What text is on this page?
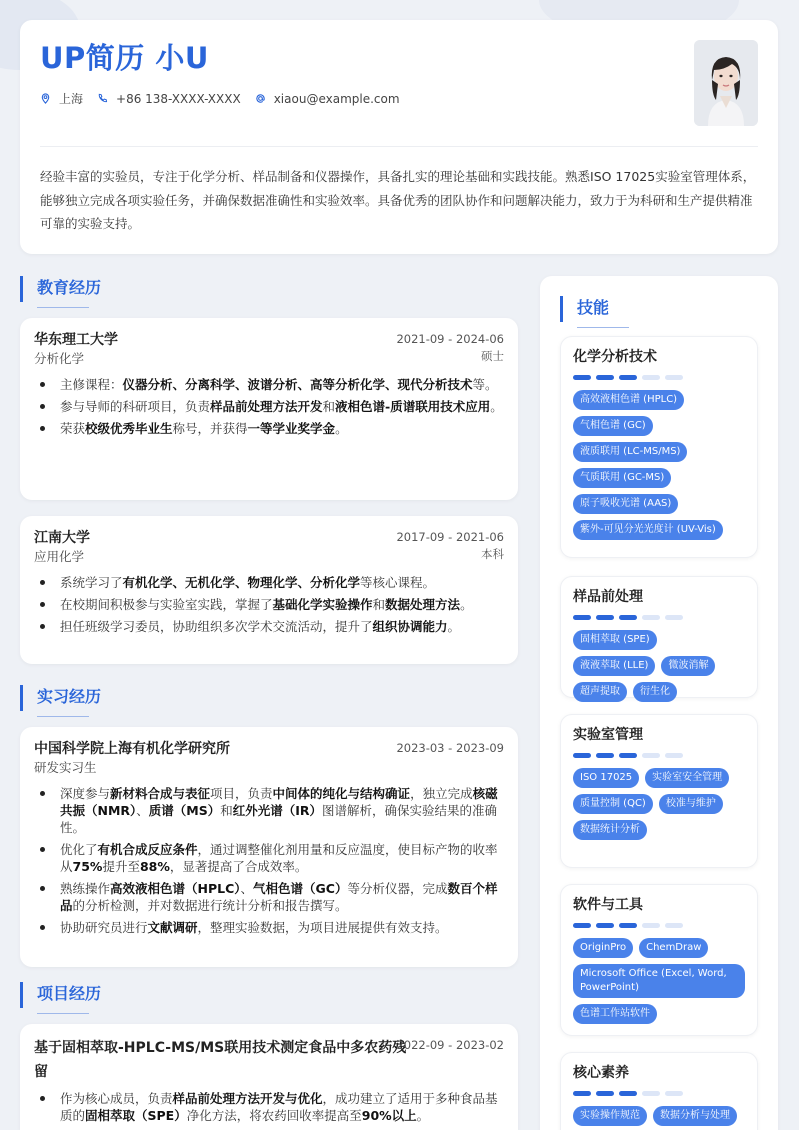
UP简历 小U
上海	+86 138-XXXX-XXXX	xiaou@example.com
经验丰富的实验员，专注于化学分析、样品制备和仪器操作，具备扎实的理论基础和实践技能。熟悉ISO 17025实验室管理体系，能够独立完成各项实验任务，并确保数据准确性和实验效率。具备优秀的团队协作和问题解决能力，致力于为科研和生产提供精准可靠的实验支持。
教育经历
华东理工大学	2021-09 - 2024-06
硕士
分析化学
主修课程：仪器分析、分离科学、波谱分析、高等分析化学、现代分析技术等。
参与导师的科研项目，负责样品前处理方法开发和液相色谱-质谱联用技术应用。
荣获校级优秀毕业生称号，并获得一等学业奖学金。
江南大学	2017-09 - 2021-06
本科
应用化学
系统学习了有机化学、无机化学、物理化学、分析化学等核心课程。
在校期间积极参与实验室实践，掌握了基础化学实验操作和数据处理方法。
担任班级学习委员，协助组织多次学术交流活动，提升了组织协调能力。
实习经历
中国科学院上海有机化学研究所	2023-03 - 2023-09
研发实习生
深度参与新材料合成与表征项目，负责中间体的纯化与结构确证，独立完成核磁共振（NMR）、质谱（MS）和红外光谱（IR）图谱解析，确保实验结果的准确性。
优化了有机合成反应条件，通过调整催化剂用量和反应温度，使目标产物的收率从75%提升至88%，显著提高了合成效率。
熟练操作高效液相色谱（HPLC）、气相色谱（GC）等分析仪器，完成数百个样品的分析检测，并对数据进行统计分析和报告撰写。
协助研究员进行文献调研，整理实验数据，为项目进展提供有效支持。
项目经历
基于固相萃取-HPLC-MS/MS联用技术测定食品中多农药残留
2022-09 - 2023-02
作为核心成员，负责样品前处理方法开发与优化，成功建立了适用于多种食品基质的固相萃取（SPE）净化方法，将农药回收率提高至90%以上。
技能
化学分析技术
高效液相色谱 (HPLC)
气相色谱 (GC)
液质联用 (LC-MS/MS)
气质联用 (GC-MS)
原子吸收光谱 (AAS)
紫外-可见分光光度计 (UV-Vis)
样品前处理
固相萃取 (SPE)
液液萃取 (LLE)	微波消解
超声提取	衍生化
实验室管理
ISO 17025	实验室安全管理
质量控制 (QC)	校准与维护
数据统计分析
软件与工具
OriginPro	ChemDraw
Microsoft Office (Excel, Word, PowerPoint)
色谱工作站软件
核心素养
实验操作规范	数据分析与处理
